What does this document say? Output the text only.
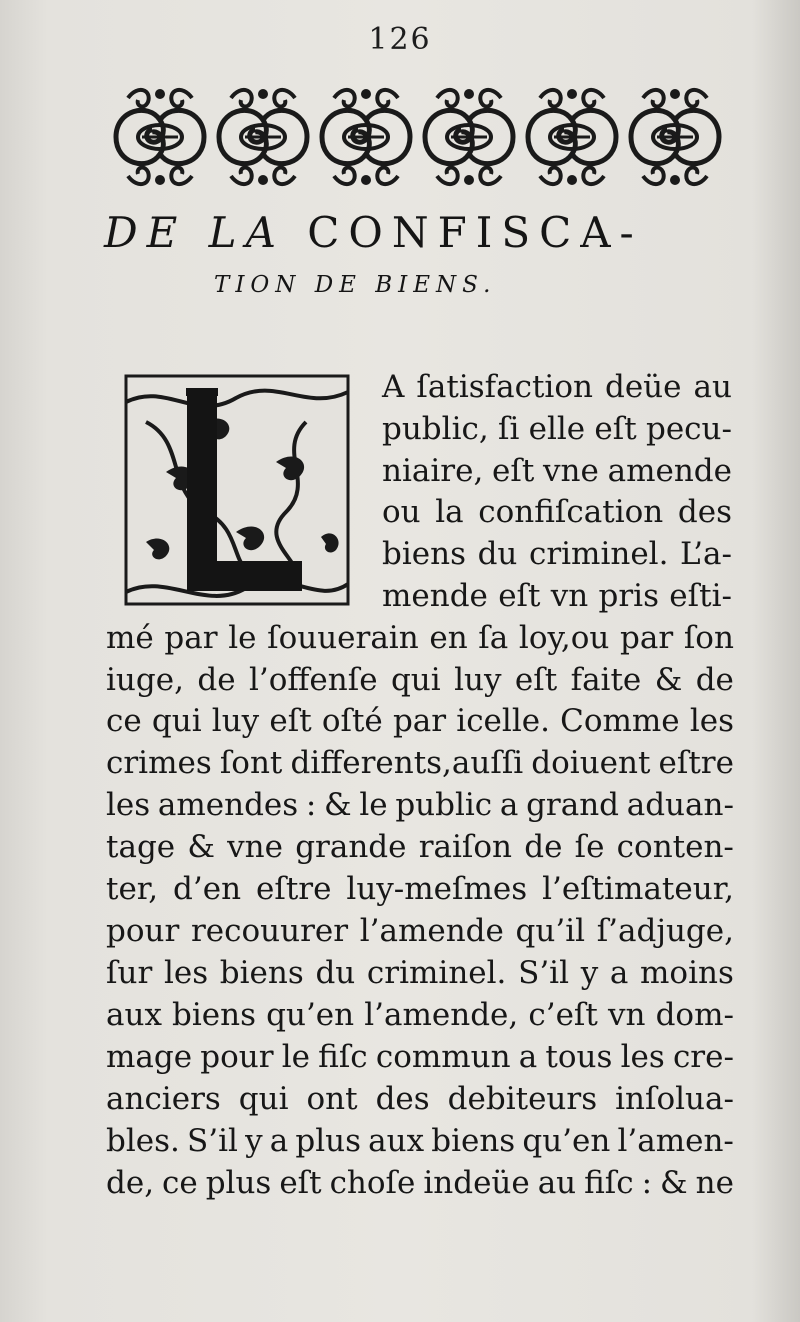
126
DE LA CONFISCA-
TION DE BIENS.
A ſatisfaction deüe au
public, ſi elle eſt pecu-
niaire, eſt vne amende
ou la confiſcation des
biens du criminel. L’a-
mende eſt vn pris eſti-
mé par le ſouuerain en ſa loy,ou par ſon
iuge, de l’offenſe qui luy eſt faite & de
ce qui luy eſt oſté par icelle. Comme les
crimes ſont differents,auſſi doiuent eſtre
les amendes : & le public a grand aduan-
tage & vne grande raiſon de ſe conten-
ter, d’en eſtre luy-meſmes l’eſtimateur,
pour recouurer l’amende qu’il ſ’adjuge,
ſur les biens du criminel. S’il y a moins
aux biens qu’en l’amende, c’eſt vn dom-
mage pour le fiſc commun a tous les cre-
anciers qui ont des debiteurs inſolua-
bles. S’il y a plus aux biens qu’en l’amen-
de, ce plus eſt choſe indeüe au fiſc : & ne
